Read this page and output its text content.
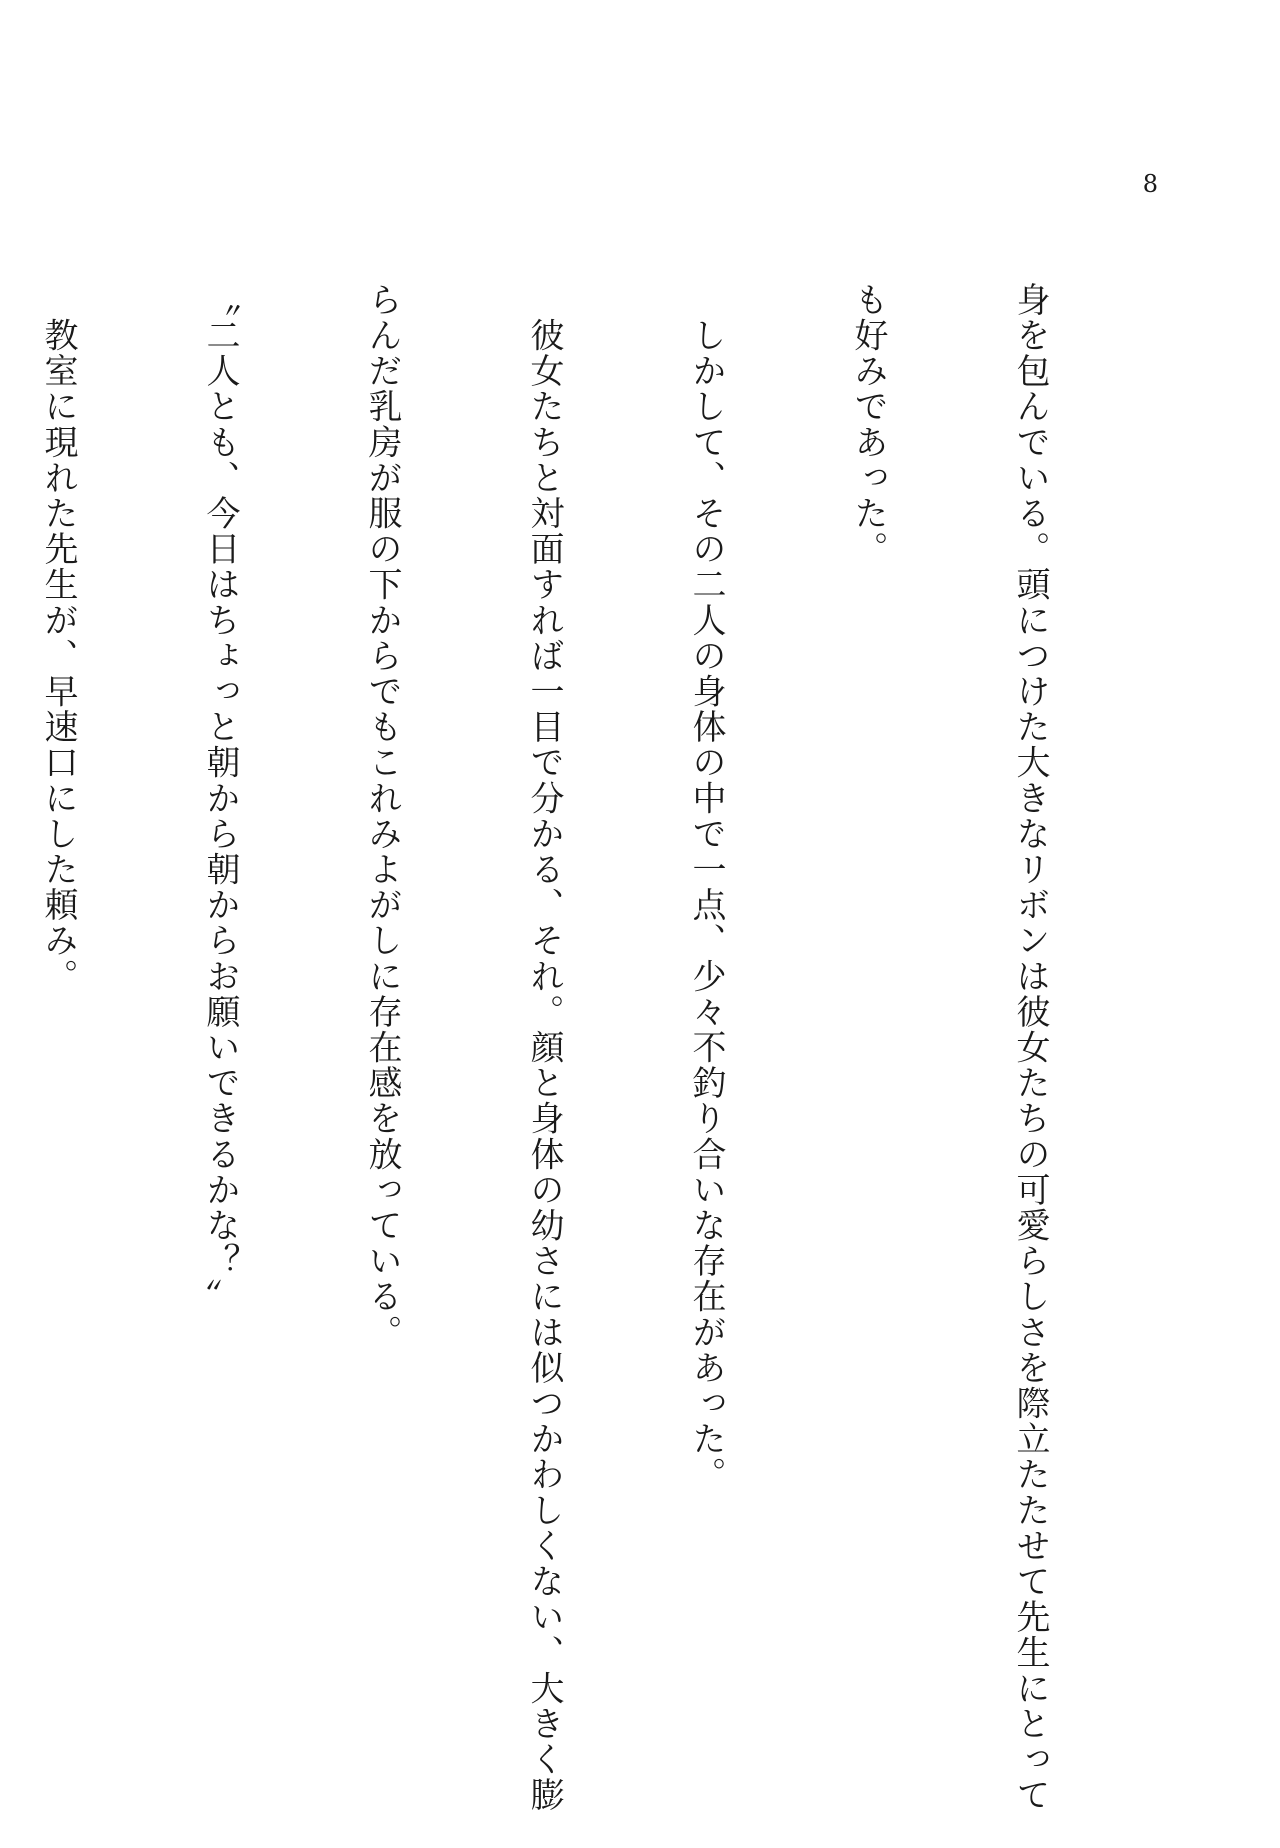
8

身を包んでいる。頭につけた大きなリボンは彼女たちの可愛らしさを際立たたせて先生にとって

も好みであった。

　しかして、その二人の身体の中で一点、少々不釣り合いな存在があった。

　彼女たちと対面すれば一目で分かる、それ。顔と身体の幼さには似つかわしくない、大きく膨

らんだ乳房が服の下からでもこれみよがしに存在感を放っている。

〝二人とも、今日はちょっと朝から朝からお願いできるかな？〟

　教室に現れた先生が、早速口にした頼み。
